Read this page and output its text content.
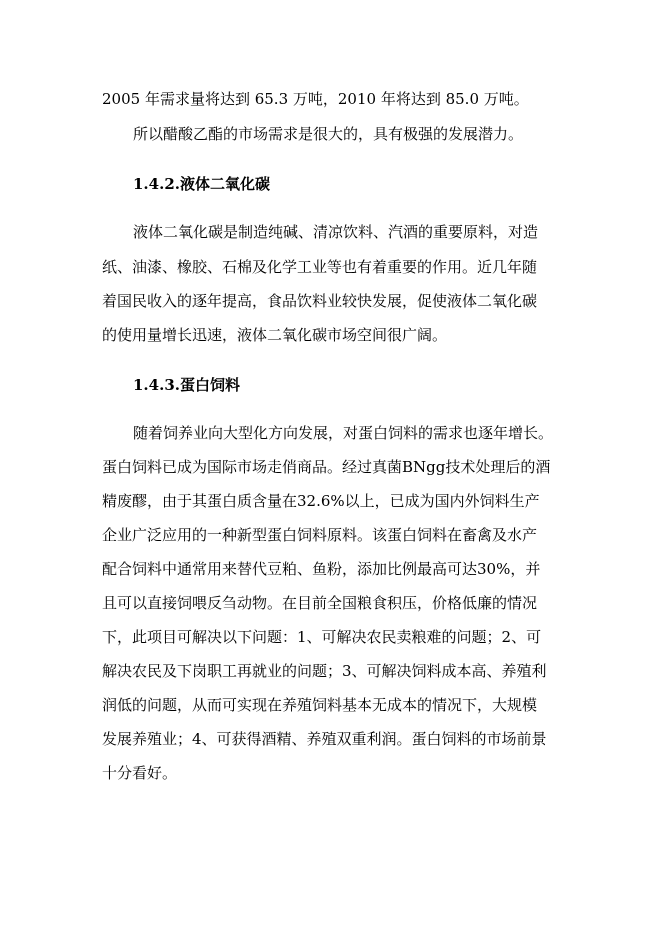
2005 年需求量将达到 65.3 万吨，2010 年将达到 85.0 万吨。
所以醋酸乙酯的市场需求是很大的，具有极强的发展潜力。
1.4.2.液体二氧化碳
液体二氧化碳是制造纯碱、清凉饮料、汽酒的重要原料，对造
纸、油漆、橡胶、石棉及化学工业等也有着重要的作用。近几年随
着国民收入的逐年提高，食品饮料业较快发展，促使液体二氧化碳
的使用量增长迅速，液体二氧化碳市场空间很广阔。
1.4.3.蛋白饲料
随着饲养业向大型化方向发展，对蛋白饲料的需求也逐年增长。
蛋白饲料已成为国际市场走俏商品。经过真菌BNgg技术处理后的酒
精废醪，由于其蛋白质含量在32.6%以上，已成为国内外饲料生产
企业广泛应用的一种新型蛋白饲料原料。该蛋白饲料在畜禽及水产
配合饲料中通常用来替代豆粕、鱼粉，添加比例最高可达30%，并
且可以直接饲喂反刍动物。在目前全国粮食积压，价格低廉的情况
下，此项目可解决以下问题：1、可解决农民卖粮难的问题；2、可
解决农民及下岗职工再就业的问题；3、可解决饲料成本高、养殖利
润低的问题，从而可实现在养殖饲料基本无成本的情况下，大规模
发展养殖业；4、可获得酒精、养殖双重利润。蛋白饲料的市场前景
十分看好。
